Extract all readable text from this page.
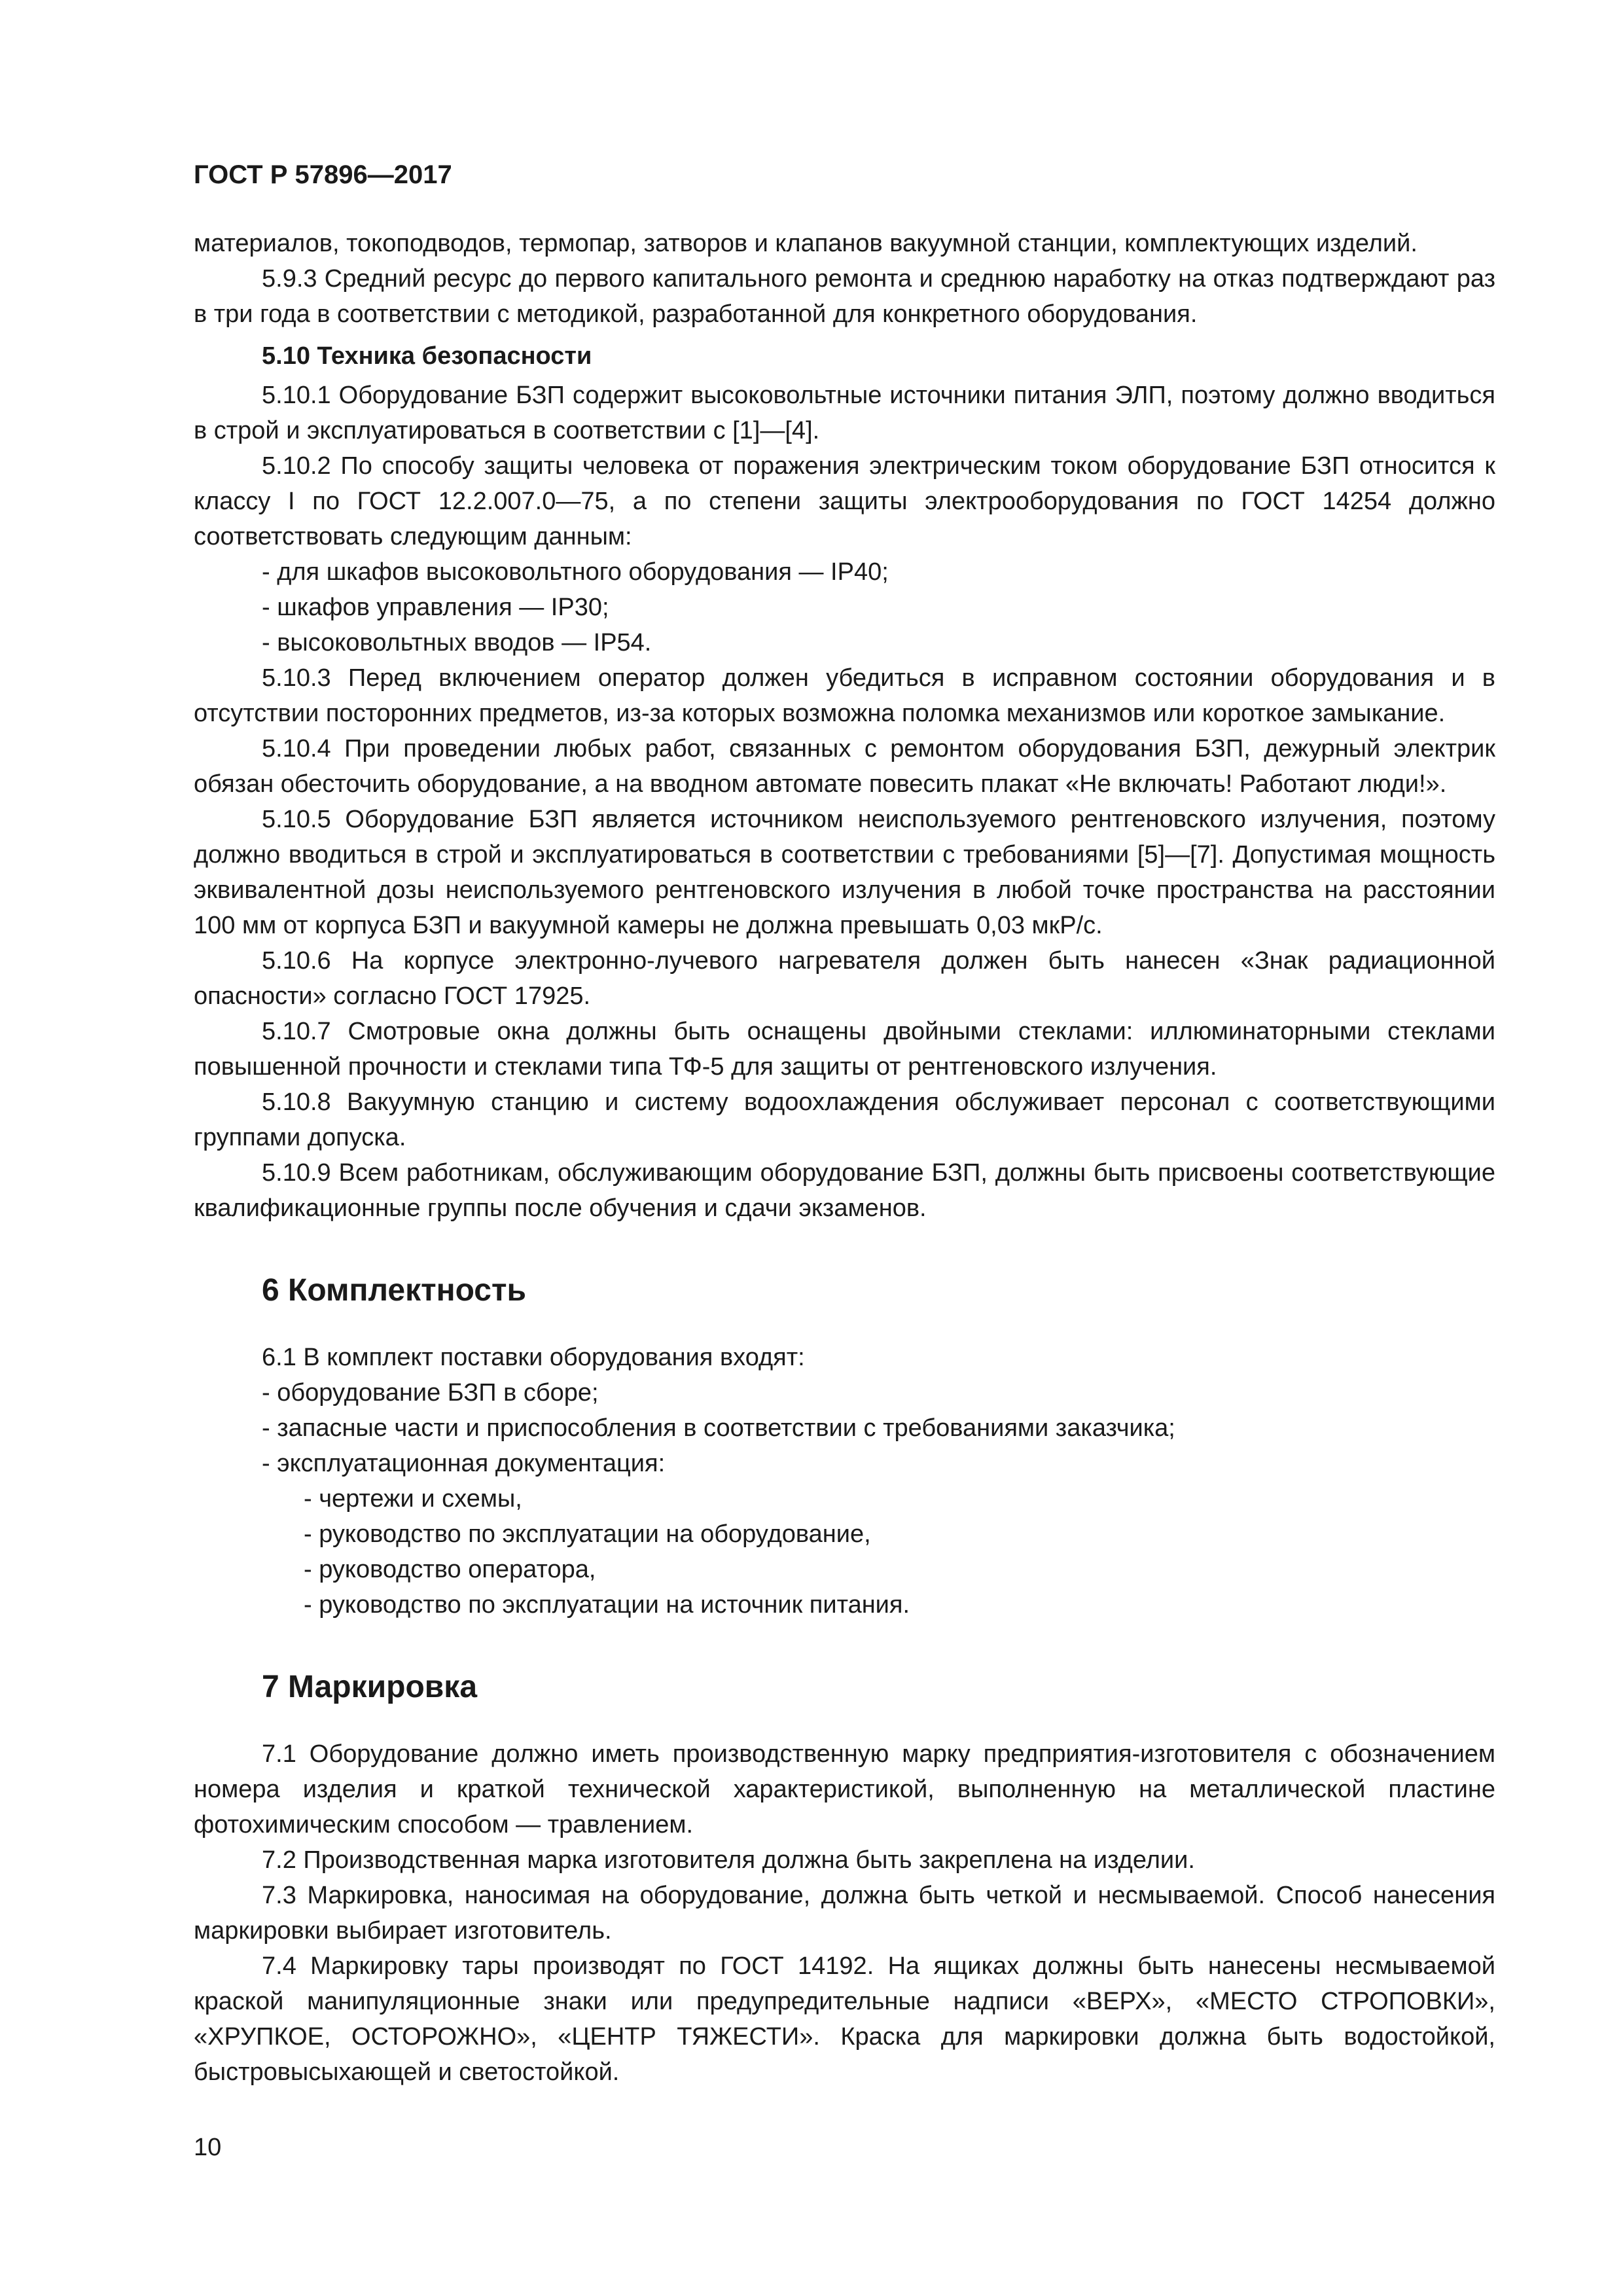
ГОСТ Р 57896—2017

материалов, токоподводов, термопар, затворов и клапанов вакуумной станции, комплектующих изделий.

5.9.3 Средний ресурс до первого капитального ремонта и среднюю наработку на отказ подтверждают раз в три года в соответствии с методикой, разработанной для конкретного оборудования.

5.10 Техника безопасности

5.10.1 Оборудование БЗП содержит высоковольтные источники питания ЭЛП, поэтому должно вводиться в строй и эксплуатироваться в соответствии с [1]—[4].

5.10.2 По способу защиты человека от поражения электрическим током оборудование БЗП относится к классу I по ГОСТ 12.2.007.0—75, а по степени защиты электрооборудования по ГОСТ 14254 должно соответствовать следующим данным:

- для шкафов высоковольтного оборудования — IP40;

- шкафов управления — IP30;

- высоковольтных вводов — IP54.

5.10.3 Перед включением оператор должен убедиться в исправном состоянии оборудования и в отсутствии посторонних предметов, из-за которых возможна поломка механизмов или короткое замыкание.

5.10.4 При проведении любых работ, связанных с ремонтом оборудования БЗП, дежурный электрик обязан обесточить оборудование, а на вводном автомате повесить плакат «Не включать! Работают люди!».

5.10.5 Оборудование БЗП является источником неиспользуемого рентгеновского излучения, поэтому должно вводиться в строй и эксплуатироваться в соответствии с требованиями [5]—[7]. Допустимая мощность эквивалентной дозы неиспользуемого рентгеновского излучения в любой точке пространства на расстоянии 100 мм от корпуса БЗП и вакуумной камеры не должна превышать 0,03 мкР/с.

5.10.6 На корпусе электронно-лучевого нагревателя должен быть нанесен «Знак радиационной опасности» согласно ГОСТ 17925.

5.10.7 Смотровые окна должны быть оснащены двойными стеклами: иллюминаторными стеклами повышенной прочности и стеклами типа ТФ-5 для защиты от рентгеновского излучения.

5.10.8 Вакуумную станцию и систему водоохлаждения обслуживает персонал с соответствующими группами допуска.

5.10.9 Всем работникам, обслуживающим оборудование БЗП, должны быть присвоены соответствующие квалификационные группы после обучения и сдачи экзаменов.

6 Комплектность

6.1 В комплект поставки оборудования входят:

- оборудование БЗП в сборе;

- запасные части и приспособления в соответствии с требованиями заказчика;

- эксплуатационная документация:

- чертежи и схемы,

- руководство по эксплуатации на оборудование,

- руководство оператора,

- руководство по эксплуатации на источник питания.

7 Маркировка

7.1 Оборудование должно иметь производственную марку предприятия-изготовителя с обозначением номера изделия и краткой технической характеристикой, выполненную на металлической пластине фотохимическим способом — травлением.

7.2 Производственная марка изготовителя должна быть закреплена на изделии.

7.3 Маркировка, наносимая на оборудование, должна быть четкой и несмываемой. Способ нанесения маркировки выбирает изготовитель.

7.4 Маркировку тары производят по ГОСТ 14192. На ящиках должны быть нанесены несмываемой краской манипуляционные знаки или предупредительные надписи «ВЕРХ», «МЕСТО СТРОПОВКИ», «ХРУПКОЕ, ОСТОРОЖНО», «ЦЕНТР ТЯЖЕСТИ». Краска для маркировки должна быть водостойкой, быстровысыхающей и светостойкой.

10
